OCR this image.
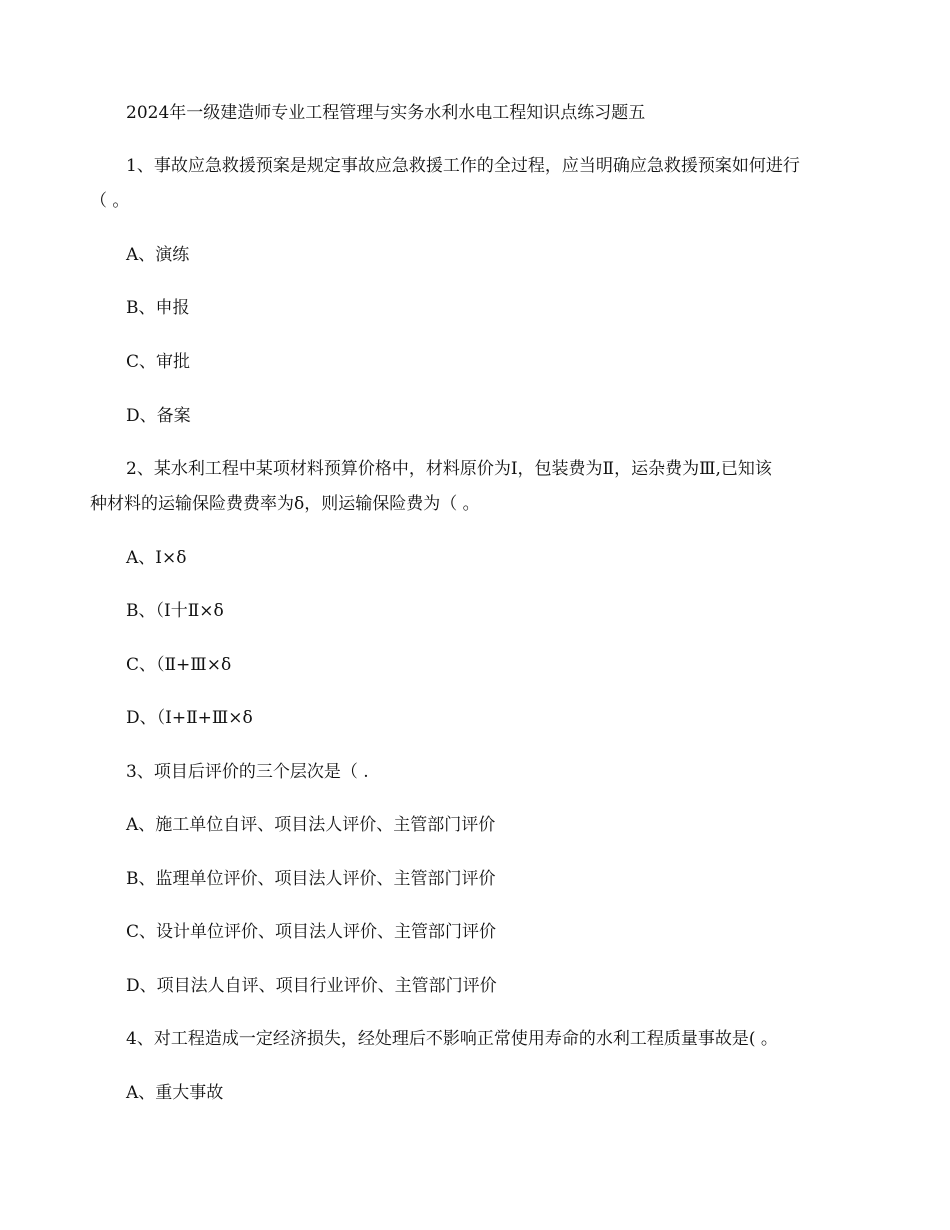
2024年一级建造师专业工程管理与实务水利水电工程知识点练习题五
1、事故应急救援预案是规定事故应急救援工作的全过程，应当明确应急救援预案如何进行
（ 。
A、演练
B、申报
C、审批
D、备案
2、某水利工程中某项材料预算价格中，材料原价为Ⅰ，包装费为Ⅱ，运杂费为Ⅲ,已知该
种材料的运输保险费费率为δ，则运输保险费为（ 。
A、Ⅰ×δ
B、（Ⅰ十Ⅱ×δ
C、（Ⅱ+Ⅲ×δ
D、（Ⅰ+Ⅱ+Ⅲ×δ
3、项目后评价的三个层次是（ .
A、施工单位自评、项目法人评价、主管部门评价
B、监理单位评价、项目法人评价、主管部门评价
C、设计单位评价、项目法人评价、主管部门评价
D、项目法人自评、项目行业评价、主管部门评价
4、对工程造成一定经济损失，经处理后不影响正常使用寿命的水利工程质量事故是( 。
A、重大事故
